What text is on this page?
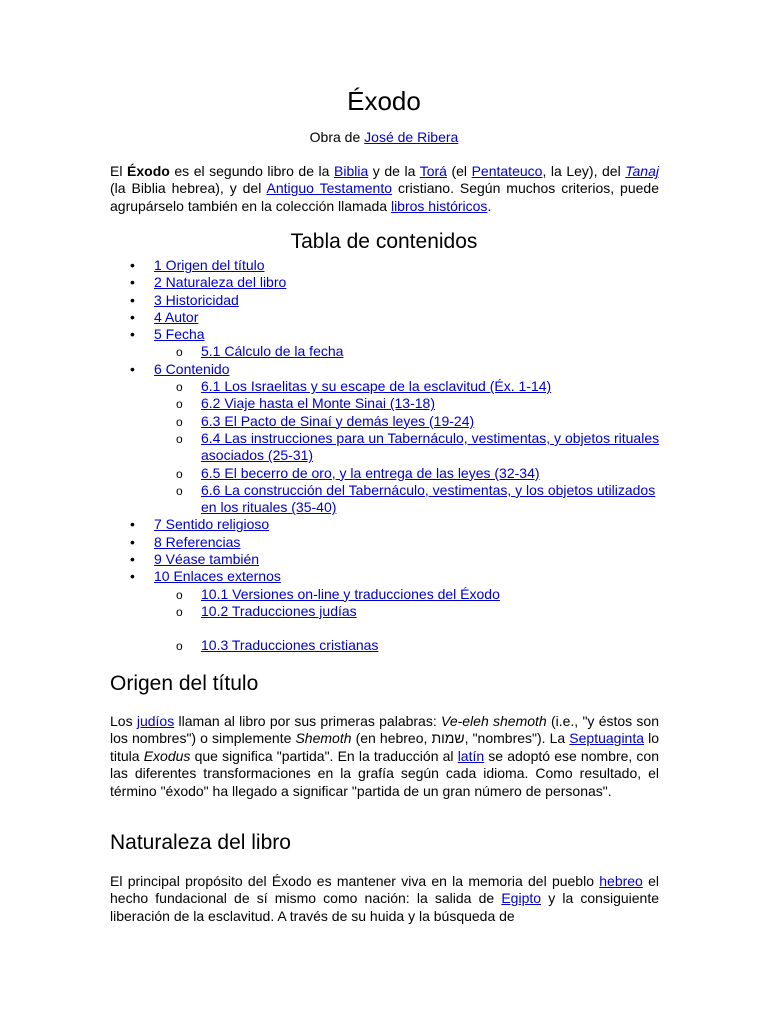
Éxodo

Obra de José de Ribera

El Éxodo es el segundo libro de la Biblia y de la Torá (el Pentateuco, la Ley), del Tanaj (la Biblia hebrea), y del Antiguo Testamento cristiano. Según muchos criterios, puede agrupárselo también en la colección llamada libros históricos.

Tabla de contenidos
• 1 Origen del título
• 2 Naturaleza del libro
• 3 Historicidad
• 4 Autor
• 5 Fecha
o 5.1 Cálculo de la fecha
• 6 Contenido
o 6.1 Los Israelitas y su escape de la esclavitud (Éx. 1-14)
o 6.2 Viaje hasta el Monte Sinai (13-18)
o 6.3 El Pacto de Sinaí y demás leyes (19-24)
o 6.4 Las instrucciones para un Tabernáculo, vestimentas, y objetos rituales asociados (25-31)
o 6.5 El becerro de oro, y la entrega de las leyes (32-34)
o 6.6 La construcción del Tabernáculo, vestimentas, y los objetos utilizados en los rituales (35-40)
• 7 Sentido religioso
• 8 Referencias
• 9 Véase también
• 10 Enlaces externos
o 10.1 Versiones on-line y traducciones del Éxodo
o 10.2 Traducciones judías
o 10.3 Traducciones cristianas
Origen del título

Los judíos llaman al libro por sus primeras palabras: Ve-eleh shemoth (i.e., "y éstos son los nombres") o simplemente Shemoth (en hebreo, שמות, "nombres"). La Septuaginta lo titula Exodus que significa "partida". En la traducción al latín se adoptó ese nombre, con las diferentes transformaciones en la grafía según cada idioma. Como resultado, el término "éxodo" ha llegado a significar "partida de un gran número de personas".

Naturaleza del libro

El principal propósito del Éxodo es mantener viva en la memoria del pueblo hebreo el hecho fundacional de sí mismo como nación: la salida de Egipto y la consiguiente liberación de la esclavitud. A través de su huida y la búsqueda de
